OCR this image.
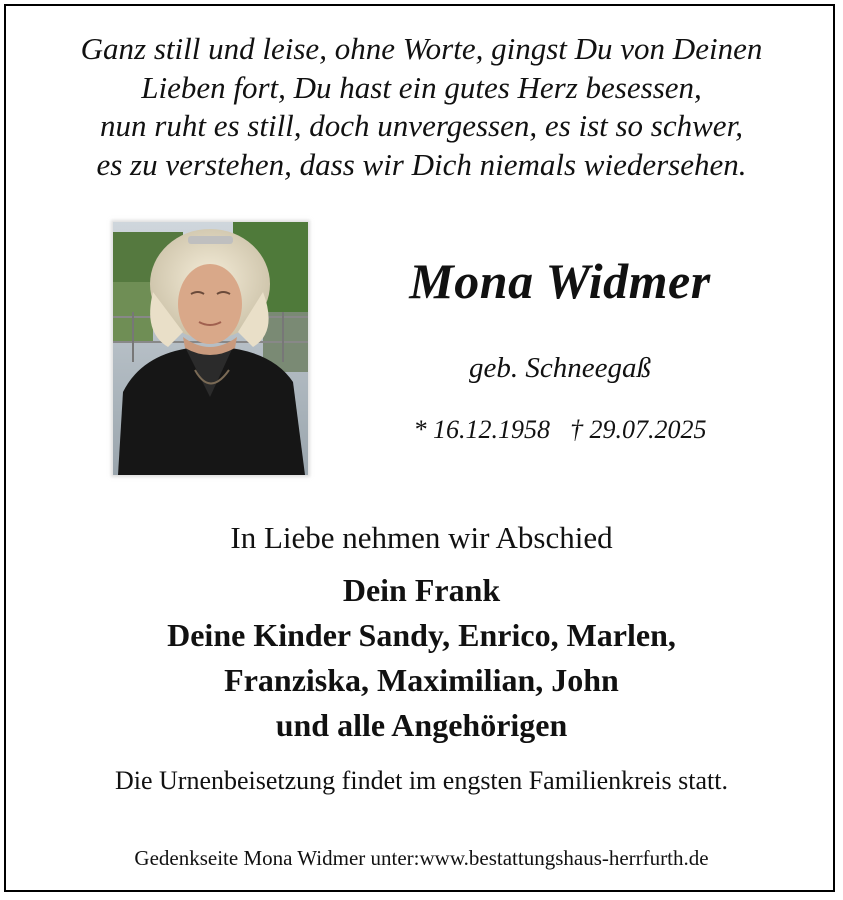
Ganz still und leise, ohne Worte, gingst Du von Deinen
Lieben fort, Du hast ein gutes Herz besessen,
nun ruht es still, doch unvergessen, es ist so schwer,
es zu verstehen, dass wir Dich niemals wiedersehen.
Mona Widmer
geb. Schneegaß
* 16.12.1958 † 29.07.2025
In Liebe nehmen wir Abschied
Dein Frank
Deine Kinder Sandy, Enrico, Marlen,
Franziska, Maximilian, John
und alle Angehörigen
Die Urnenbeisetzung findet im engsten Familienkreis statt.
Gedenkseite Mona Widmer unter:www.bestattungshaus-herrfurth.de
